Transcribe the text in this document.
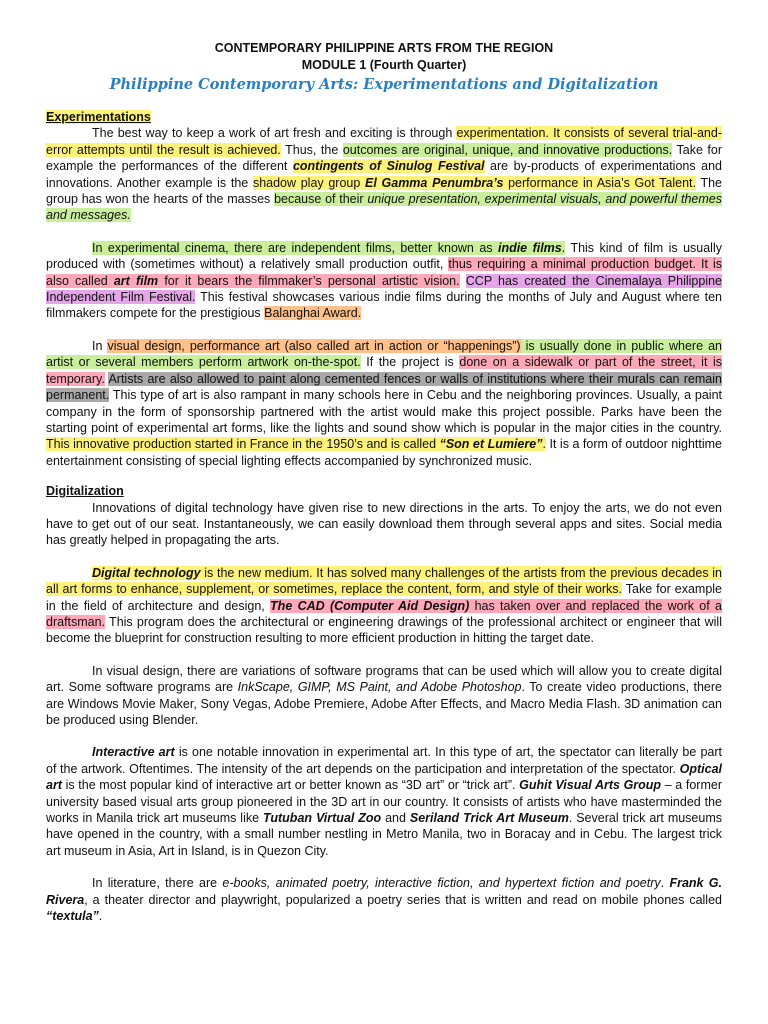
CONTEMPORARY PHILIPPINE ARTS FROM THE REGION
MODULE 1 (Fourth Quarter)
Philippine Contemporary Arts: Experimentations and Digitalization
Experimentations

The best way to keep a work of art fresh and exciting is through experimentation. It consists of several trial-and-error attempts until the result is achieved. Thus, the outcomes are original, unique, and innovative productions. Take for example the performances of the different contingents of Sinulog Festival are by-products of experimentations and innovations. Another example is the shadow play group El Gamma Penumbra’s performance in Asia’s Got Talent. The group has won the hearts of the masses because of their unique presentation, experimental visuals, and powerful themes and messages.

In experimental cinema, there are independent films, better known as indie films. This kind of film is usually produced with (sometimes without) a relatively small production outfit, thus requiring a minimal production budget. It is also called art film for it bears the filmmaker’s personal artistic vision. CCP has created the Cinemalaya Philippine Independent Film Festival. This festival showcases various indie films during the months of July and August where ten filmmakers compete for the prestigious Balanghai Award.

In visual design, performance art (also called art in action or “happenings”) is usually done in public where an artist or several members perform artwork on-the-spot. If the project is done on a sidewalk or part of the street, it is temporary. Artists are also allowed to paint along cemented fences or walls of institutions where their murals can remain permanent. This type of art is also rampant in many schools here in Cebu and the neighboring provinces. Usually, a paint company in the form of sponsorship partnered with the artist would make this project possible. Parks have been the starting point of experimental art forms, like the lights and sound show which is popular in the major cities in the country. This innovative production started in France in the 1950’s and is called “Son et Lumiere”. It is a form of outdoor nighttime entertainment consisting of special lighting effects accompanied by synchronized music.

Digitalization

Innovations of digital technology have given rise to new directions in the arts. To enjoy the arts, we do not even have to get out of our seat. Instantaneously, we can easily download them through several apps and sites. Social media has greatly helped in propagating the arts.

Digital technology is the new medium. It has solved many challenges of the artists from the previous decades in all art forms to enhance, supplement, or sometimes, replace the content, form, and style of their works. Take for example in the field of architecture and design, The CAD (Computer Aid Design) has taken over and replaced the work of a draftsman. This program does the architectural or engineering drawings of the professional architect or engineer that will become the blueprint for construction resulting to more efficient production in hitting the target date.

In visual design, there are variations of software programs that can be used which will allow you to create digital art. Some software programs are InkScape, GIMP, MS Paint, and Adobe Photoshop. To create video productions, there are Windows Movie Maker, Sony Vegas, Adobe Premiere, Adobe After Effects, and Macro Media Flash. 3D animation can be produced using Blender.

Interactive art is one notable innovation in experimental art. In this type of art, the spectator can literally be part of the artwork. Oftentimes. The intensity of the art depends on the participation and interpretation of the spectator. Optical art is the most popular kind of interactive art or better known as “3D art” or “trick art”. Guhit Visual Arts Group – a former university based visual arts group pioneered in the 3D art in our country. It consists of artists who have masterminded the works in Manila trick art museums like Tutuban Virtual Zoo and Seriland Trick Art Museum. Several trick art museums have opened in the country, with a small number nestling in Metro Manila, two in Boracay and in Cebu. The largest trick art museum in Asia, Art in Island, is in Quezon City.

In literature, there are e-books, animated poetry, interactive fiction, and hypertext fiction and poetry. Frank G. Rivera, a theater director and playwright, popularized a poetry series that is written and read on mobile phones called “textula”.
